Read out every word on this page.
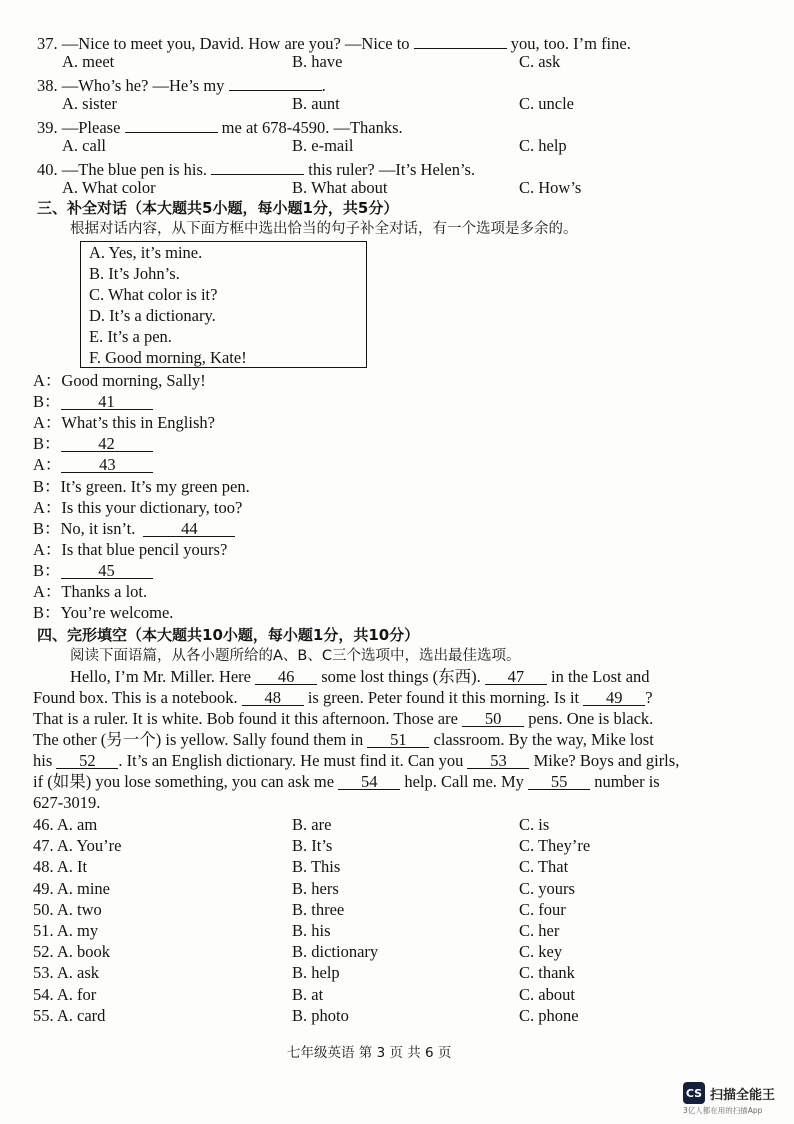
37. —Nice to meet you, David. How are you? —Nice to	you, too. I’m fine.
A. meet	B. have	C. ask
38. —Who’s he? —He’s my	.
A. sister	B. aunt	C. uncle
39. —Please	me at 678-4590. —Thanks.
A. call	B. e-mail	C. help
40. —The blue pen is his.	this ruler? —It’s Helen’s.
A. What color	B. What about	C. How’s
三、补全对话（本大题共5小题，每小题1分，共5分）
根据对话内容，从下面方框中选出恰当的句子补全对话，有一个选项是多余的。
A. Yes, it’s mine.
B. It’s John’s.
C. What color is it?
D. It’s a dictionary.
E. It’s a pen.
F. Good morning, Kate!
A：Good morning, Sally!
B： 41
A：What’s this in English?
B： 42
A： 43
B：It’s green. It’s my green pen.
A：Is this your dictionary, too?
B：No, it isn’t.	44
A：Is that blue pencil yours?
B： 45
A：Thanks a lot.
B：You’re welcome.
四、完形填空（本大题共10小题，每小题1分，共10分）
阅读下面语篇，从各小题所给的A、B、C三个选项中，选出最佳选项。
Hello, I’m Mr. Miller. Here 46 some lost things (东西). 47 in the Lost and
Found box. This is a notebook. 48 is green. Peter found it this morning. Is it 49 ?
That is a ruler. It is white. Bob found it this afternoon. Those are 50 pens. One is black.
The other (另一个) is yellow. Sally found them in 51 classroom. By the way, Mike lost
his 52 . It’s an English dictionary. He must find it. Can you 53 Mike? Boys and girls,
if (如果) you lose something, you can ask me 54 help. Call me. My 55 number is
627-3019.
46. A. am	B. are	C. is
47. A. You’re	B. It’s	C. They’re
48. A. It	B. This	C. That
49. A. mine	B. hers	C. yours
50. A. two	B. three	C. four
51. A. my	B. his	C. her
52. A. book	B. dictionary	C. key
53. A. ask	B. help	C. thank
54. A. for	B. at	C. about
55. A. card	B. photo	C. phone
七年级英语 第 3 页 共 6 页
CS 扫描全能王
3亿人都在用的扫描App
